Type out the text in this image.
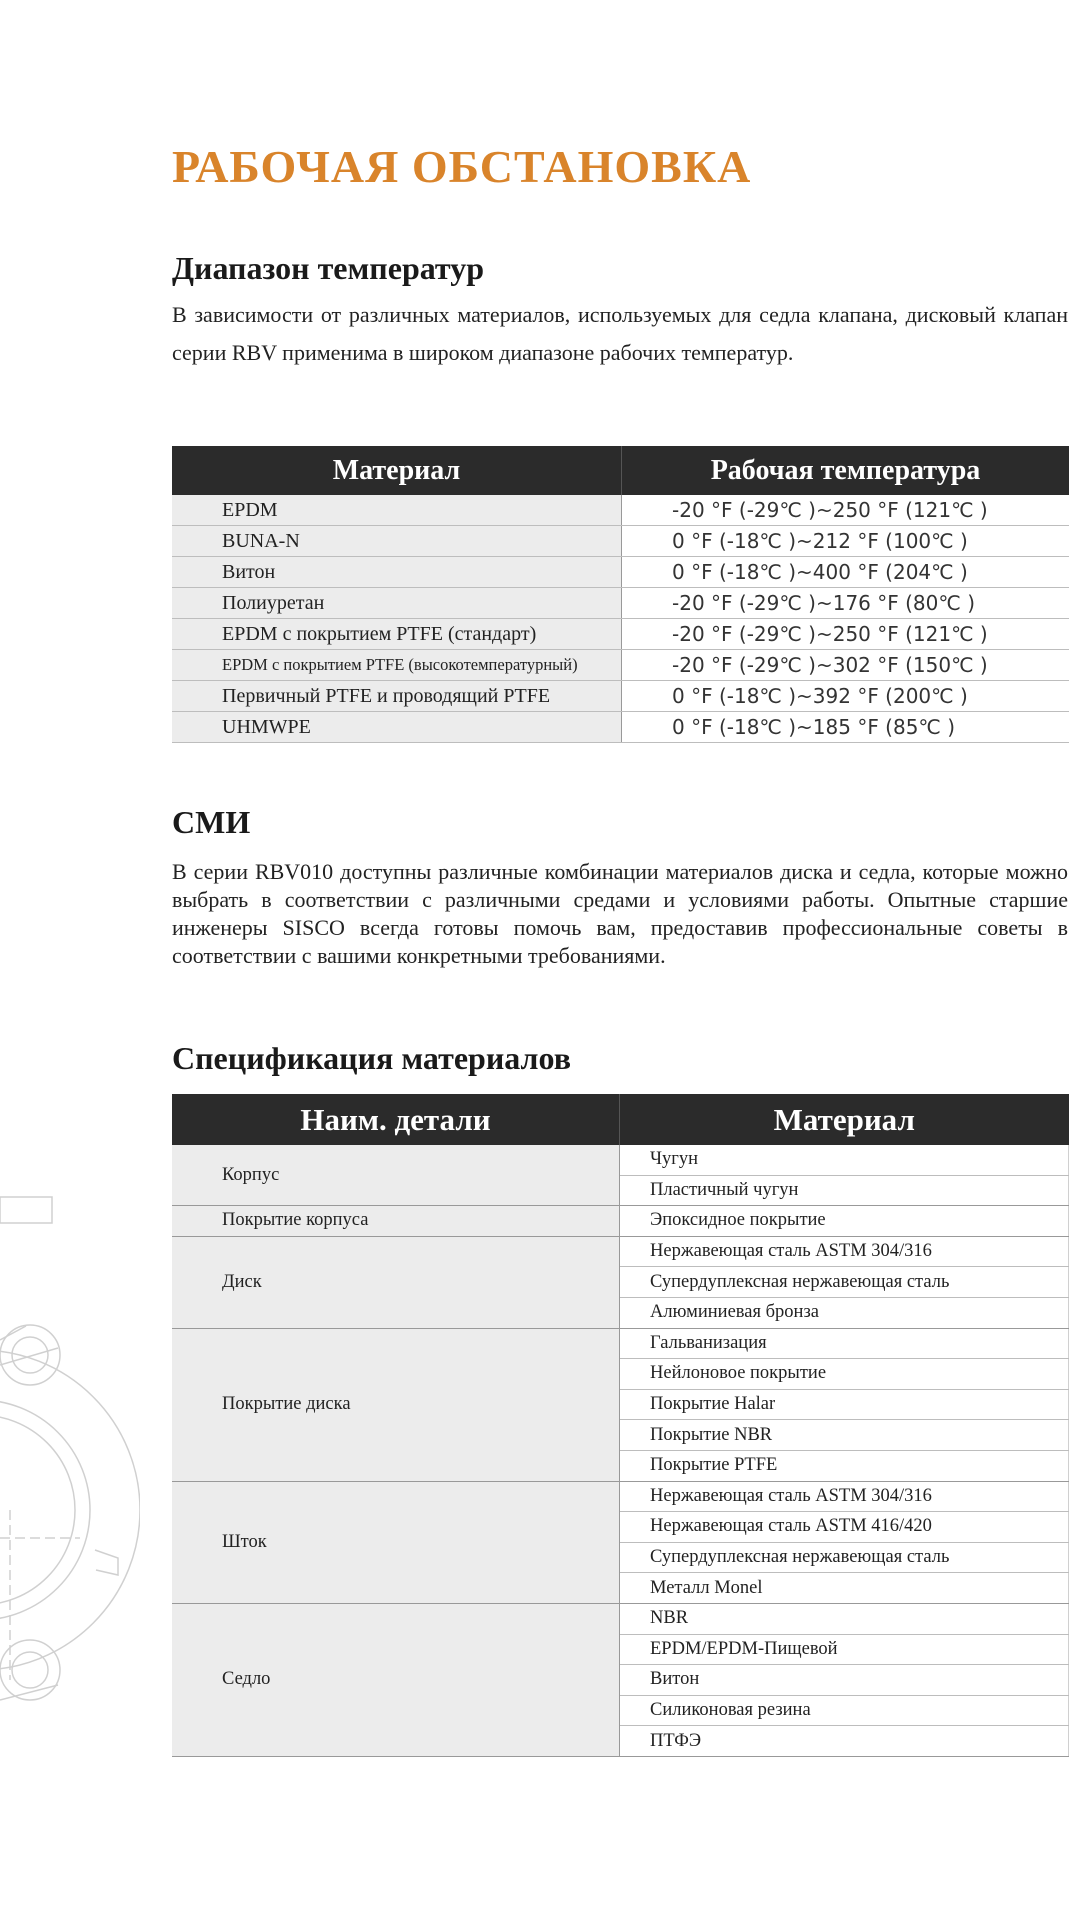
РАБОЧАЯ ОБСТАНОВКА
Диапазон температур

В зависимости от различных материалов, используемых для седла клапана, дисковый клапан серии RBV применима в широком диапазоне рабочих температур.

Материал	Рабочая температура
EPDM	-20 °F (-29℃ )~250 °F (121℃ )
BUNA-N	0 °F (-18℃ )~212 °F (100℃ )
Витон	0 °F (-18℃ )~400 °F (204℃ )
Полиуретан	-20 °F (-29℃ )~176 °F (80℃ )
EPDM с покрытием PTFE (стандарт)	-20 °F (-29℃ )~250 °F (121℃ )
EPDM с покрытием PTFE (высокотемпературный)	-20 °F (-29℃ )~302 °F (150℃ )
Первичный PTFE и проводящий PTFE	0 °F (-18℃ )~392 °F (200℃ )
UHMWPE	0 °F (-18℃ )~185 °F (85℃ )
СМИ

В серии RBV010 доступны различные комбинации материалов диска и седла, которые можно выбрать в соответствии с различными средами и условиями работы. Опытные старшие инженеры SISCO всегда готовы помочь вам, предоставив профессиональные советы в соответствии с вашими конкретными требованиями.

Спецификация материалов
Наим. детали	Материал
Корпус	Чугун
	Пластичный чугун
Покрытие корпуса	Эпоксидное покрытие
Диск	Нержавеющая сталь ASTM 304/316
	Супердуплексная нержавеющая сталь
	Алюминиевая бронза
Покрытие диска	Гальванизация
	Нейлоновое покрытие
	Покрытие Halar
	Покрытие NBR
	Покрытие PTFE
Шток	Нержавеющая сталь ASTM 304/316
	Нержавеющая сталь ASTM 416/420
	Супердуплексная нержавеющая сталь
	Металл Monel
Седло	NBR
	EPDM/EPDM-Пищевой
	Витон
	Силиконовая резина
	ПТФЭ
